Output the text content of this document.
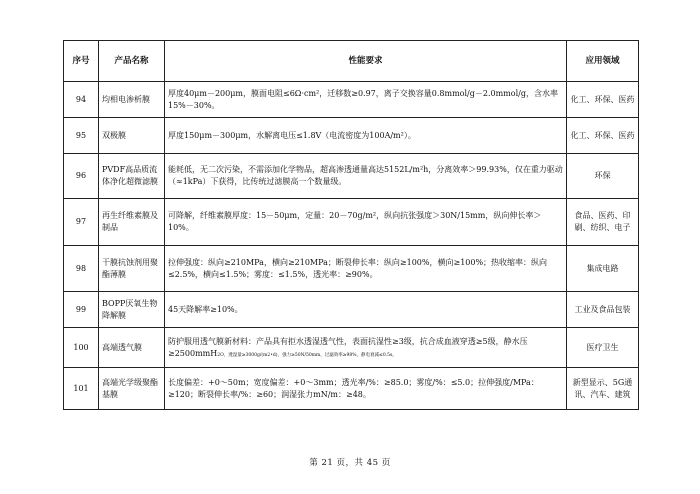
序号	产品名称	性能要求	应用领域
94	均相电渗析膜	厚度40μm－200μm，膜面电阻≤6Ω·cm²，迁移数≥0.97，离子交换容量0.8mmol/g－2.0mmol/g，含水率15%－30%。	化工、环保、医药
95	双极膜	厚度150μm－300μm，水解离电压≤1.8V（电流密度为100A/m²）。	化工、环保、医药
96	PVDF高品质流体净化超微滤膜	能耗低，无二次污染，不需添加化学物品，超高渗透通量高达5152L/m²h，分离效率＞99.93%，仅在重力驱动（≈1kPa）下获得，比传统过滤膜高一个数量级。	环保
97	再生纤维素膜及制品	可降解，纤维素膜厚度：15－50μm，定量：20－70g/m²，纵向抗张强度＞30N/15mm，纵向伸长率＞10%。	食品、医药、印刷、纺织、电子
98	干膜抗蚀剂用聚酯薄膜	拉伸强度：纵向≥210MPa，横向≥210MPa；断裂伸长率：纵向≥100%，横向≥100%；热收缩率：纵向≤2.5%，横向≤1.5%；雾度：≤1.5%，透光率：≥90%。	集成电路
99	BOPP厌氧生物降解膜	45天降解率≥10%。	工业及食品包装
100	高端透气膜	防护服用透气膜新材料：产品具有拒水透湿透气性，表面抗湿性≥3级，抗合成血液穿透≥5级，静水压≥2500mmH2O，透湿量≥3000g/(m2•d)，强力≥50N/50mm，过滤效率≥98%，静电衰减≤0.5s。	医疗卫生
101	高端光学级聚酯基膜	长度偏差：+0～50m；宽度偏差：+0～3mm；透光率/%：≥85.0；雾度/%：≤5.0；拉伸强度/MPa：≥120；断裂伸长率/%：≥60；润湿张力mN/m：≥48。	新型显示、5G通讯、汽车、建筑
第 21 页，共 45 页
